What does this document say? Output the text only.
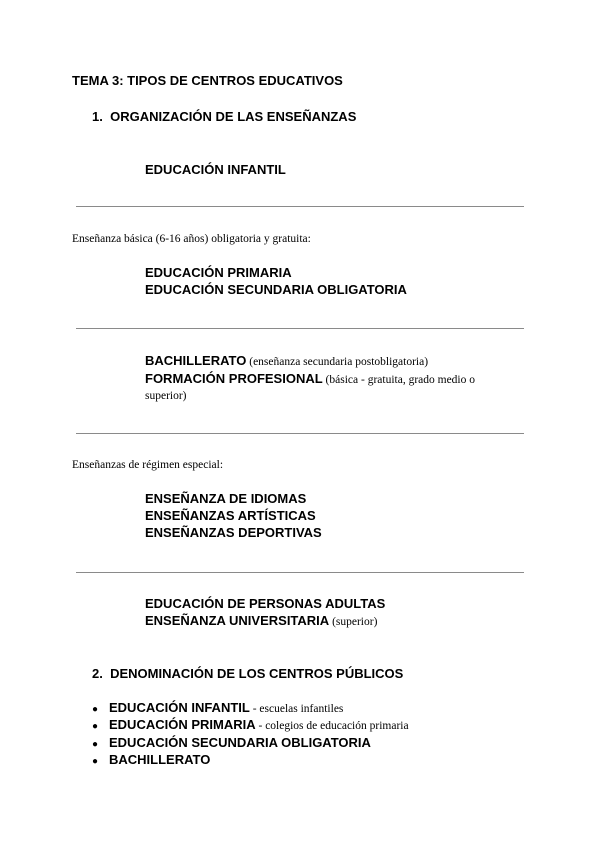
TEMA 3: TIPOS DE CENTROS EDUCATIVOS
1. ORGANIZACIÓN DE LAS ENSEÑANZAS
EDUCACIÓN INFANTIL
Enseñanza básica (6-16 años) obligatoria y gratuita:
EDUCACIÓN PRIMARIA
EDUCACIÓN SECUNDARIA OBLIGATORIA
BACHILLERATO (enseñanza secundaria postobligatoria)
FORMACIÓN PROFESIONAL (básica - gratuita, grado medio o
superior)
Enseñanzas de régimen especial:
ENSEÑANZA DE IDIOMAS
ENSEÑANZAS ARTÍSTICAS
ENSEÑANZAS DEPORTIVAS
EDUCACIÓN DE PERSONAS ADULTAS
ENSEÑANZA UNIVERSITARIA (superior)
2. DENOMINACIÓN DE LOS CENTROS PÚBLICOS
● EDUCACIÓN INFANTIL - escuelas infantiles
● EDUCACIÓN PRIMARIA - colegios de educación primaria
● EDUCACIÓN SECUNDARIA OBLIGATORIA
● BACHILLERATO
